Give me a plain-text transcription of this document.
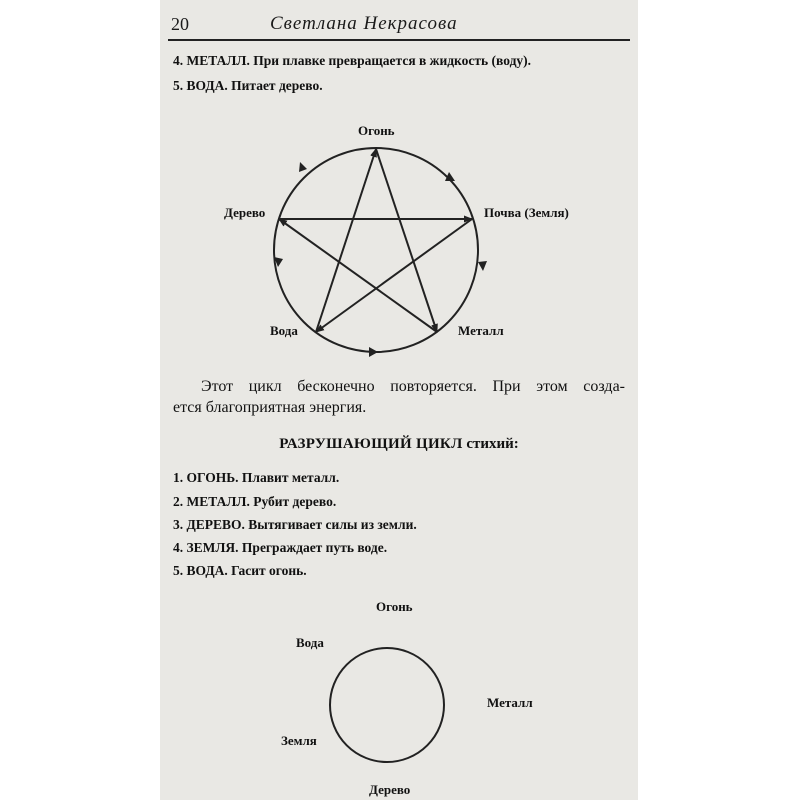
20	Светлана Некрасова
4. МЕТАЛЛ. При плавке превращается в жидкость (воду).
5. ВОДА. Питает дерево.
Огонь
Дерево	Почва (Земля)
Вода	Металл
Огонь
Вода
Металл
Земля
Дерево
Этот цикл бесконечно повторяется. При этом созда-
ется благоприятная энергия.
РАЗРУШАЮЩИЙ ЦИКЛ стихий:
1. ОГОНЬ. Плавит металл.
2. МЕТАЛЛ. Рубит дерево.
3. ДЕРЕВО. Вытягивает силы из земли.
4. ЗЕМЛЯ. Преграждает путь воде.
5. ВОДА. Гасит огонь.
